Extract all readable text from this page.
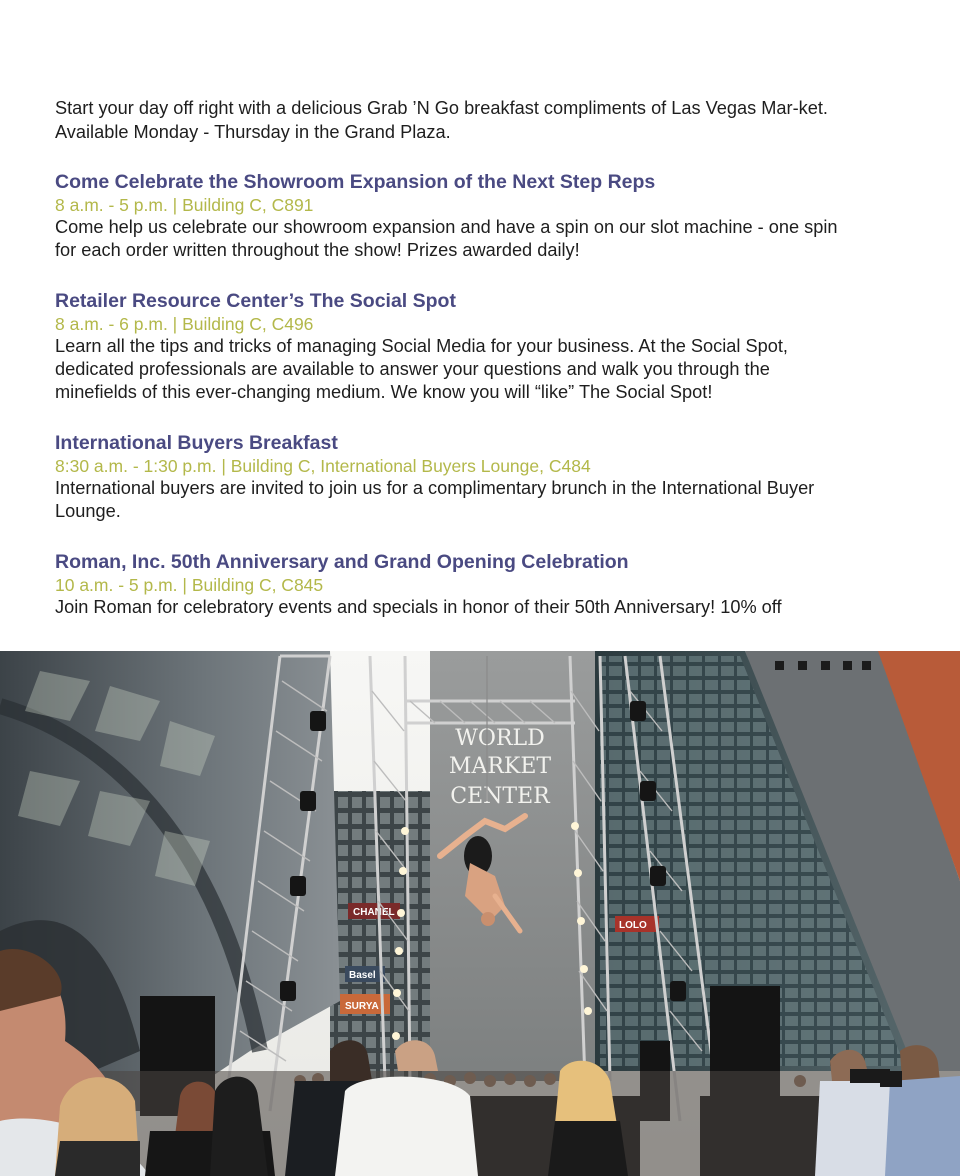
Start your day off right with a delicious Grab ’N Go breakfast compliments of Las Vegas Mar-ket. Available Monday - Thursday in the Grand Plaza.

Come Celebrate the Showroom Expansion of the Next Step Reps

8 a.m. - 5 p.m. | Building C, C891

Come help us celebrate our showroom expansion and have a spin on our slot machine - one spin for each order written throughout the show! Prizes awarded daily!

Retailer Resource Center’s The Social Spot

8 a.m. - 6 p.m. | Building C, C496

Learn all the tips and tricks of managing Social Media for your business. At the Social Spot, dedicated professionals are available to answer your questions and walk you through the minefields of this ever-changing medium. We know you will “like” The Social Spot!

International Buyers Breakfast

8:30 a.m. - 1:30 p.m. | Building C, International Buyers Lounge, C484

International buyers are invited to join us for a complimentary brunch in the International Buyer Lounge.

Roman, Inc. 50th Anniversary and Grand Opening Celebration

10 a.m. - 5 p.m. | Building C, C845

Join Roman for celebratory events and specials in honor of their 50th Anniversary! 10% off

WORLD
MARKET
CENTER
CHANEL
Basel
SURYA
LOLO
